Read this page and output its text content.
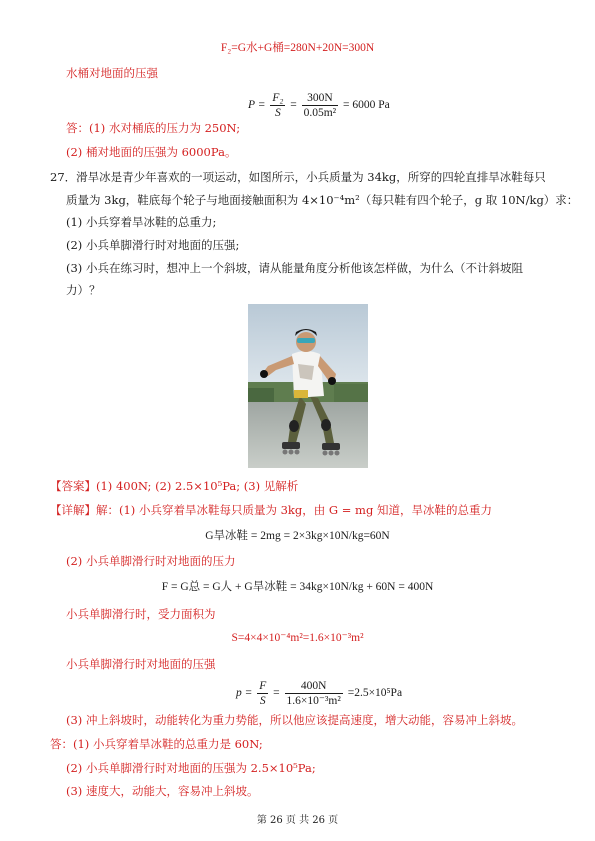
F₂=G水+G桶=280N+20N=300N
水桶对地面的压强
$P = \frac{\text{F₂}}{S} = \frac{300N}{\text{0.05m²}} = 6000$ Pa
答：(1) 水对桶底的压力为 250N;
(2) 桶对地面的压强为 6000Pa。
27．滑旱冰是青少年喜欢的一项运动，如图所示，小兵质量为 34kg，所穿的四轮直排旱冰鞋每只
质量为 3kg，鞋底每个轮子与地面接触面积为 4×10⁻⁴m²（每只鞋有四个轮子，g 取 10N/kg）求：
(1) 小兵穿着旱冰鞋的总重力;
(2) 小兵单脚滑行时对地面的压强;
(3) 小兵在练习时，想冲上一个斜坡，请从能量角度分析他该怎样做，为什么（不计斜坡阻
力）？
【答案】(1) 400N; (2) 2.5×10⁵Pa; (3) 见解析
【详解】解：(1) 小兵穿着旱冰鞋每只质量为 3kg，由 G = mg 知道，旱冰鞋的总重力
G旱冰鞋 = 2mg = 2×3kg×10N/kg=60N
(2) 小兵单脚滑行时对地面的压力
F = G总 = G人 + G旱冰鞋 = 34kg×10N/kg + 60N = 400N
小兵单脚滑行时，受力面积为
S=4×4×10⁻⁴m²=1.6×10⁻³m²
小兵单脚滑行时对地面的压强
$p = \frac{F}{S} = \frac{400N}{\text{1.6×10⁻³m²}} =2.5\times 10^5Pa$
(3) 冲上斜坡时，动能转化为重力势能，所以他应该提高速度，增大动能，容易冲上斜坡。
答：(1) 小兵穿着旱冰鞋的总重力是 60N;
(2) 小兵单脚滑行时对地面的压强为 2.5×10⁵Pa;
(3) 速度大，动能大，容易冲上斜坡。
第 26 页 共 26 页
